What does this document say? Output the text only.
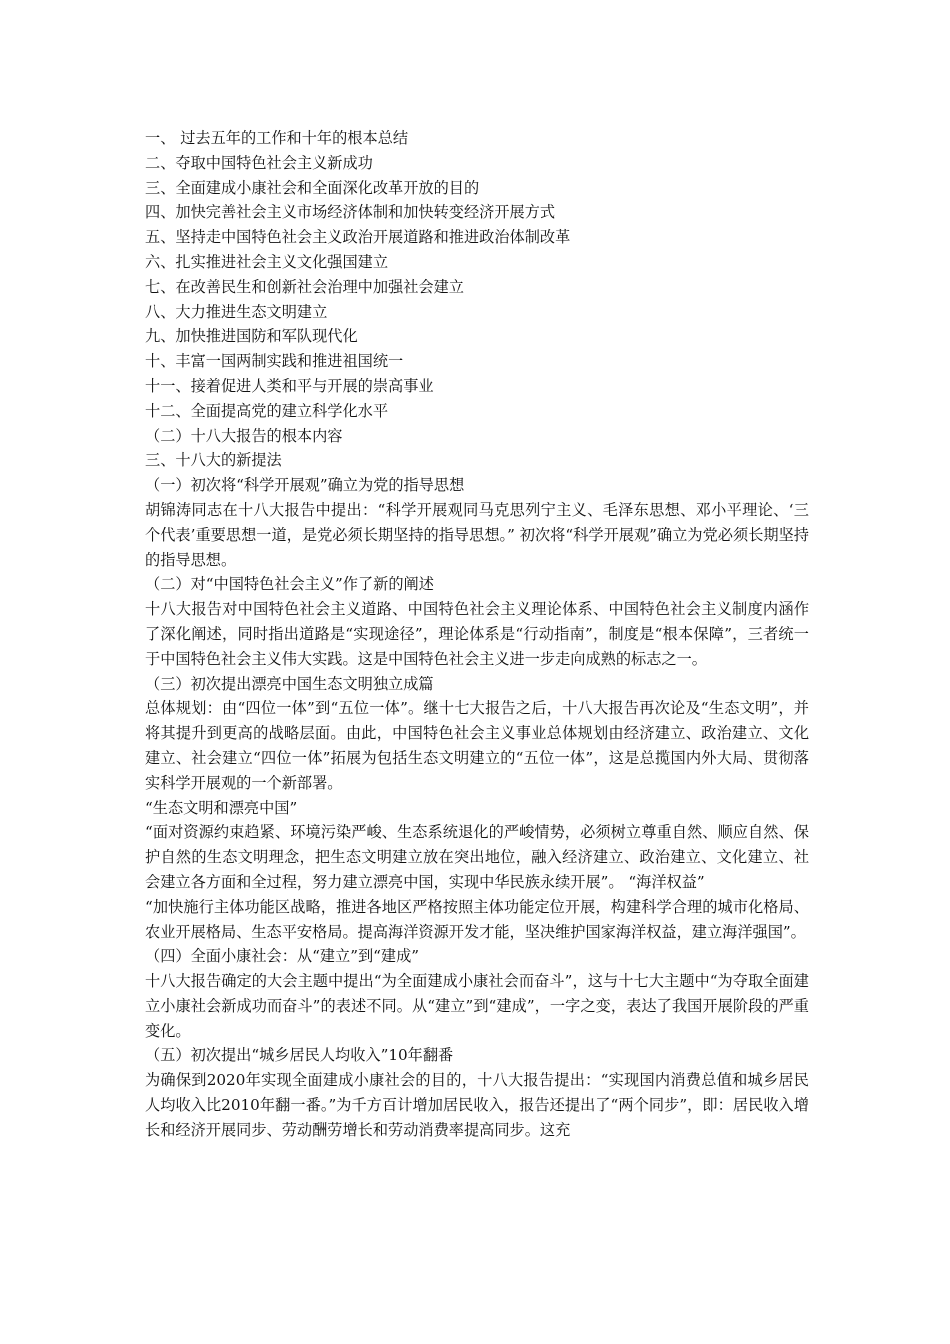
一、 过去五年的工作和十年的根本总结
二、夺取中国特色社会主义新成功
三、全面建成小康社会和全面深化改革开放的目的
四、加快完善社会主义市场经济体制和加快转变经济开展方式
五、坚持走中国特色社会主义政治开展道路和推进政治体制改革
六、扎实推进社会主义文化强国建立
七、在改善民生和创新社会治理中加强社会建立
八、大力推进生态文明建立
九、加快推进国防和军队现代化
十、丰富一国两制实践和推进祖国统一
十一、接着促进人类和平与开展的崇高事业
十二、全面提高党的建立科学化水平
（二）十八大报告的根本内容
三、十八大的新提法
（一）初次将“科学开展观”确立为党的指导思想
胡锦涛同志在十八大报告中提出：“科学开展观同马克思列宁主义、毛泽东思想、邓小平理论、‘三个代表’重要思想一道，是党必须长期坚持的指导思想。” 初次将“科学开展观”确立为党必须长期坚持的指导思想。
（二）对“中国特色社会主义”作了新的阐述
十八大报告对中国特色社会主义道路、中国特色社会主义理论体系、中国特色社会主义制度内涵作了深化阐述，同时指出道路是“实现途径”，理论体系是“行动指南”，制度是“根本保障”，三者统一于中国特色社会主义伟大实践。这是中国特色社会主义进一步走向成熟的标志之一。
（三）初次提出漂亮中国生态文明独立成篇
总体规划：由“四位一体”到“五位一体”。继十七大报告之后，十八大报告再次论及“生态文明”，并将其提升到更高的战略层面。由此，中国特色社会主义事业总体规划由经济建立、政治建立、文化建立、社会建立“四位一体”拓展为包括生态文明建立的“五位一体”，这是总揽国内外大局、贯彻落实科学开展观的一个新部署。
“生态文明和漂亮中国”
“面对资源约束趋紧、环境污染严峻、生态系统退化的严峻情势，必须树立尊重自然、顺应自然、保护自然的生态文明理念，把生态文明建立放在突出地位，融入经济建立、政治建立、文化建立、社会建立各方面和全过程，努力建立漂亮中国，实现中华民族永续开展”。 “海洋权益”
“加快施行主体功能区战略，推进各地区严格按照主体功能定位开展，构建科学合理的城市化格局、农业开展格局、生态平安格局。提高海洋资源开发才能，坚决维护国家海洋权益，建立海洋强国”。
（四）全面小康社会：从“建立”到“建成”
十八大报告确定的大会主题中提出“为全面建成小康社会而奋斗”，这与十七大主题中“为夺取全面建立小康社会新成功而奋斗”的表述不同。从“建立”到“建成”，一字之变，表达了我国开展阶段的严重变化。
（五）初次提出“城乡居民人均收入”10年翻番
为确保到2020年实现全面建成小康社会的目的，十八大报告提出：“实现国内消费总值和城乡居民人均收入比2010年翻一番。”为千方百计增加居民收入，报告还提出了“两个同步”，即：居民收入增长和经济开展同步、劳动酬劳增长和劳动消费率提高同步。这充
